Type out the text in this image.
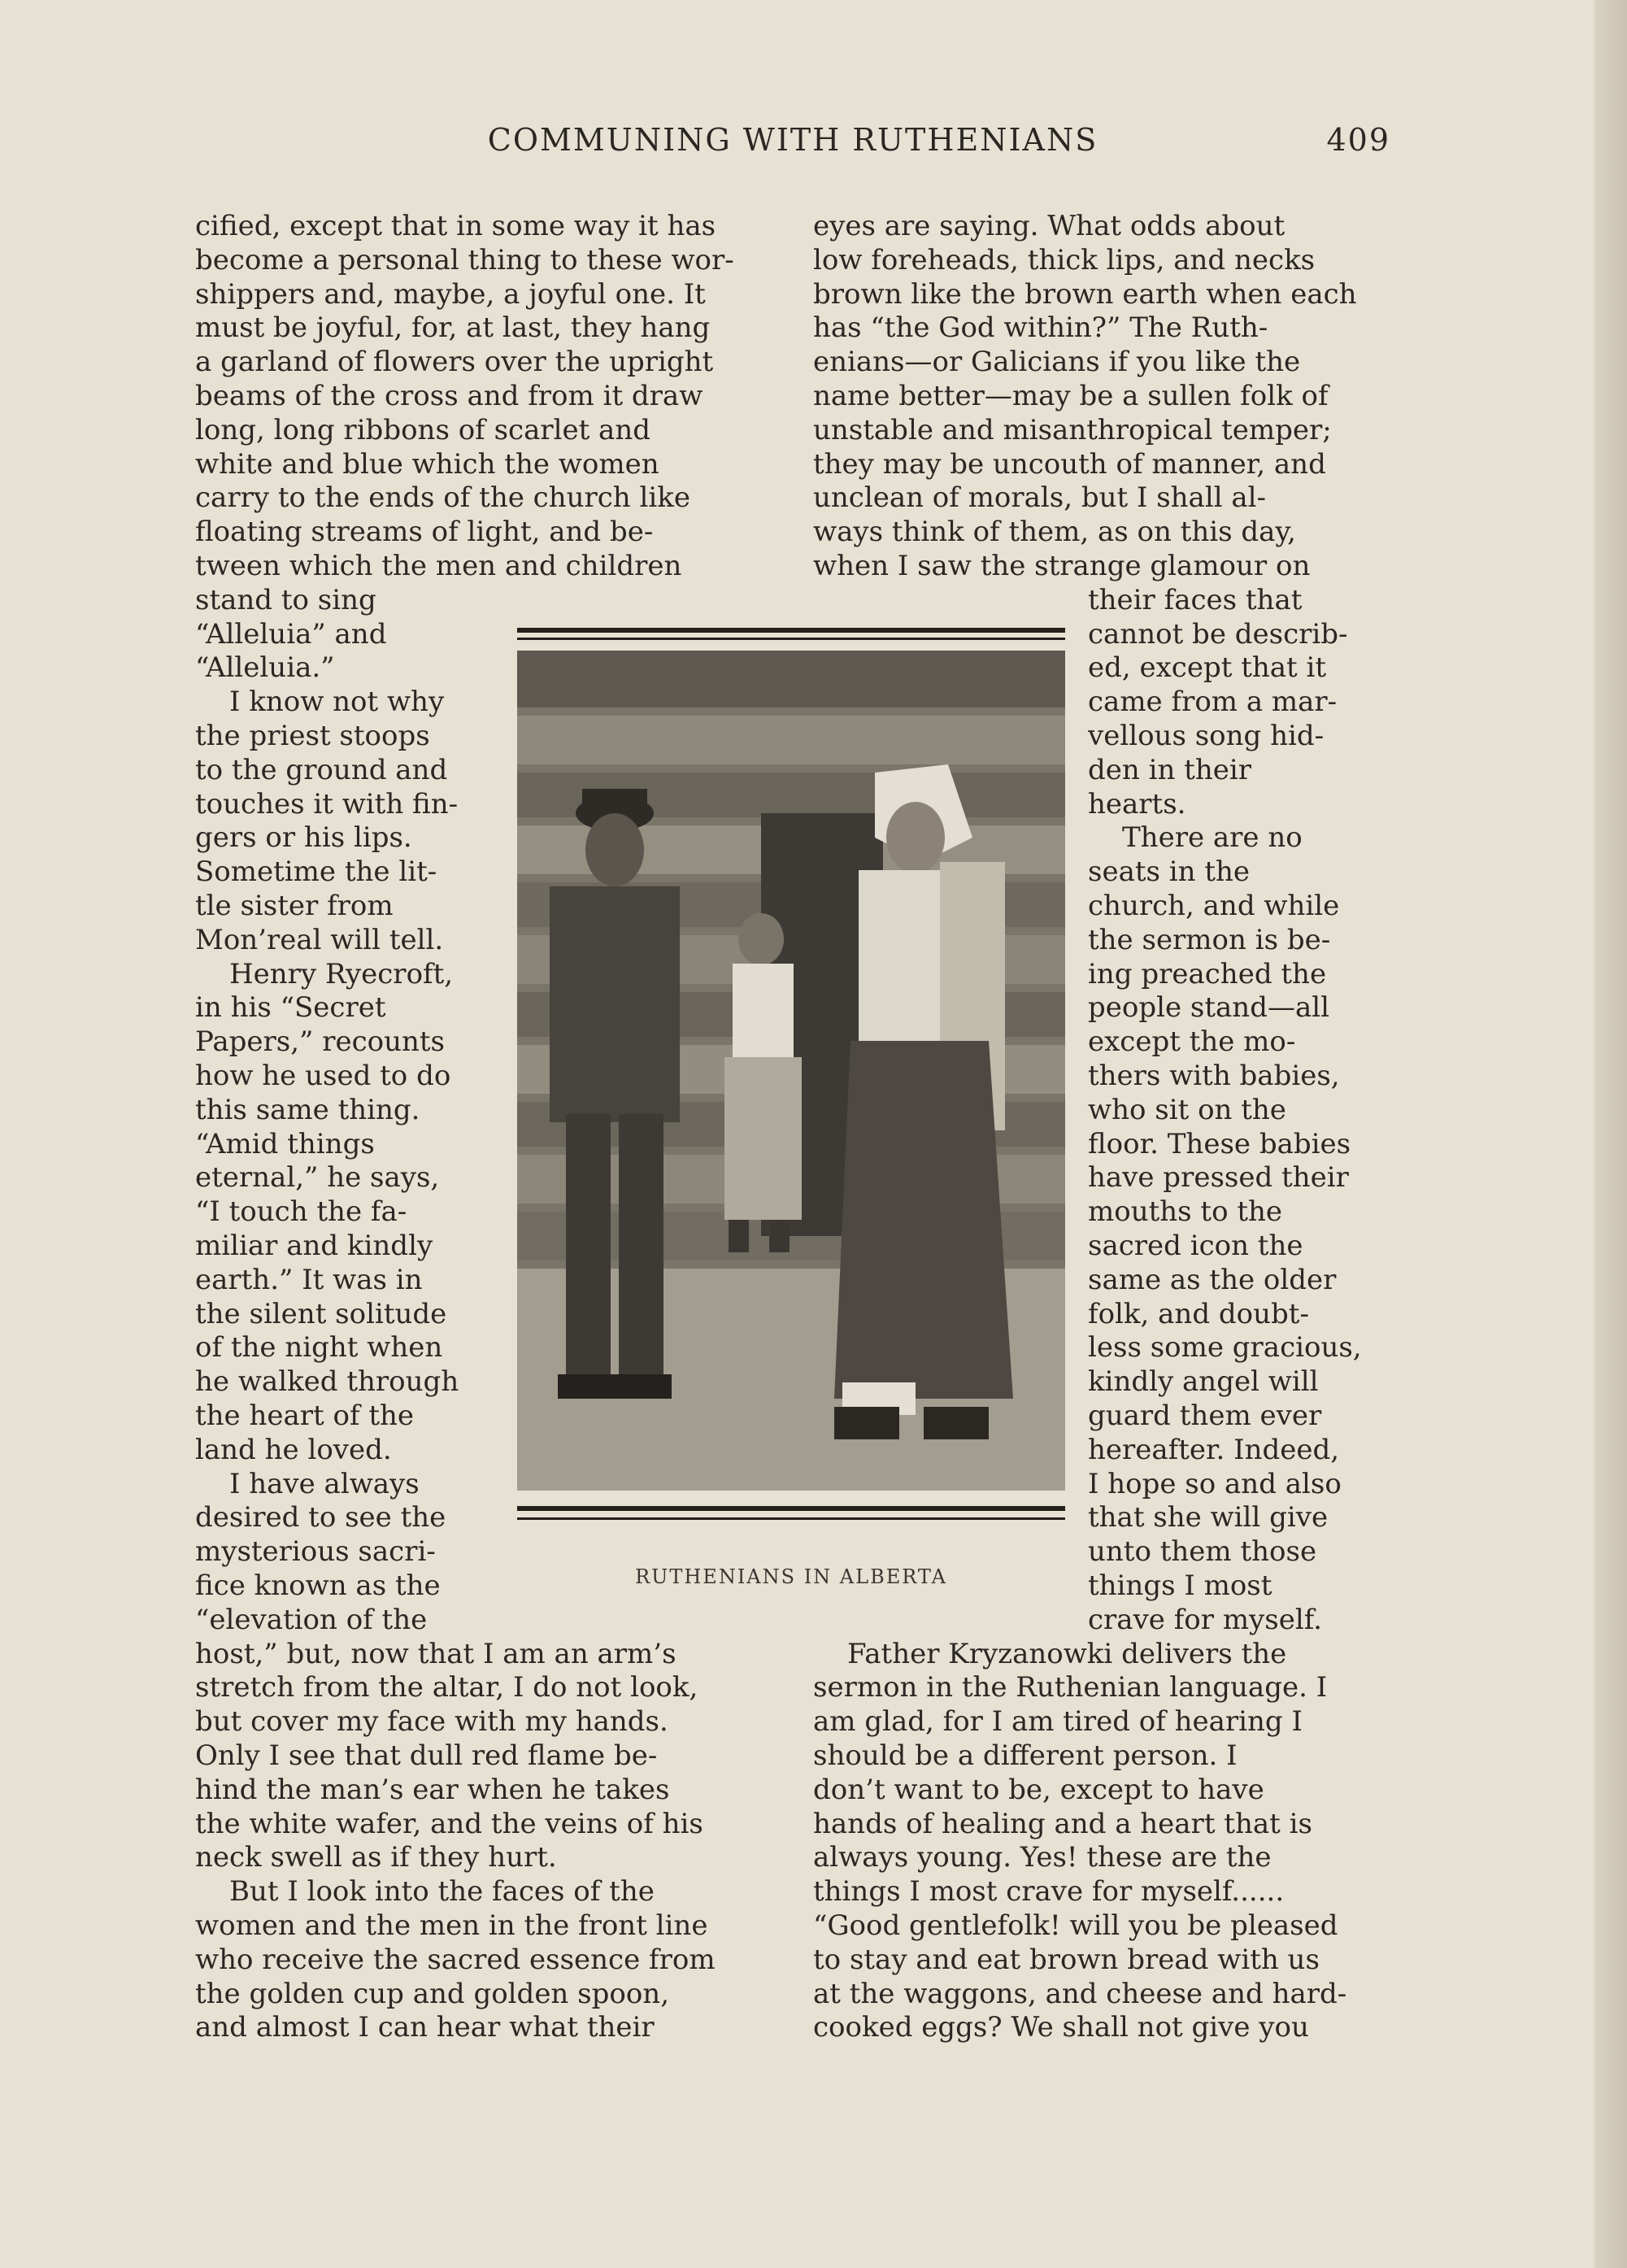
COMMUNING WITH RUTHENIANS	409
cified, except that in some way it has
become a personal thing to these wor-
shippers and, maybe, a joyful one. It
must be joyful, for, at last, they hang
a garland of flowers over the upright
beams of the cross and from it draw
long, long ribbons of scarlet and
white and blue which the women
carry to the ends of the church like
floating streams of light, and be-
tween which the men and children
stand to sing
“Alleluia” and
“Alleluia.”
I know not why
the priest stoops
to the ground and
touches it with fin-
gers or his lips.
Sometime the lit-
tle sister from
Mon’real will tell.
Henry Ryecroft,
in his “Secret
Papers,” recounts
how he used to do
this same thing.
“Amid things
eternal,” he says,
“I touch the fa-
miliar and kindly
earth.” It was in
the silent solitude
of the night when
he walked through
the heart of the
land he loved.
I have always
desired to see the
mysterious sacri-
fice known as the
“elevation of the
host,” but, now that I am an arm’s
stretch from the altar, I do not look,
but cover my face with my hands.
Only I see that dull red flame be-
hind the man’s ear when he takes
the white wafer, and the veins of his
neck swell as if they hurt.
But I look into the faces of the
women and the men in the front line
who receive the sacred essence from
the golden cup and golden spoon,
and almost I can hear what their
eyes are saying. What odds about
low foreheads, thick lips, and necks
brown like the brown earth when each
has “the God within?” The Ruth-
enians—or Galicians if you like the
name better—may be a sullen folk of
unstable and misanthropical temper;
they may be uncouth of manner, and
unclean of morals, but I shall al-
ways think of them, as on this day,
when I saw the strange glamour on
their faces that
cannot be describ-
ed, except that it
came from a mar-
vellous song hid-
den in their
hearts.
There are no
seats in the
church, and while
the sermon is be-
ing preached the
people stand—all
except the mo-
thers with babies,
who sit on the
floor. These babies
have pressed their
mouths to the
sacred icon the
same as the older
folk, and doubt-
less some gracious,
kindly angel will
guard them ever
hereafter. Indeed,
I hope so and also
that she will give
unto them those
things I most
crave for myself.
Father Kryzanowki delivers the
sermon in the Ruthenian language. I
am glad, for I am tired of hearing I
should be a different person. I
don’t want to be, except to have
hands of healing and a heart that is
always young. Yes! these are the
things I most crave for myself......
“Good gentlefolk! will you be pleased
to stay and eat brown bread with us
at the waggons, and cheese and hard-
cooked eggs? We shall not give you
RUTHENIANS IN ALBERTA
